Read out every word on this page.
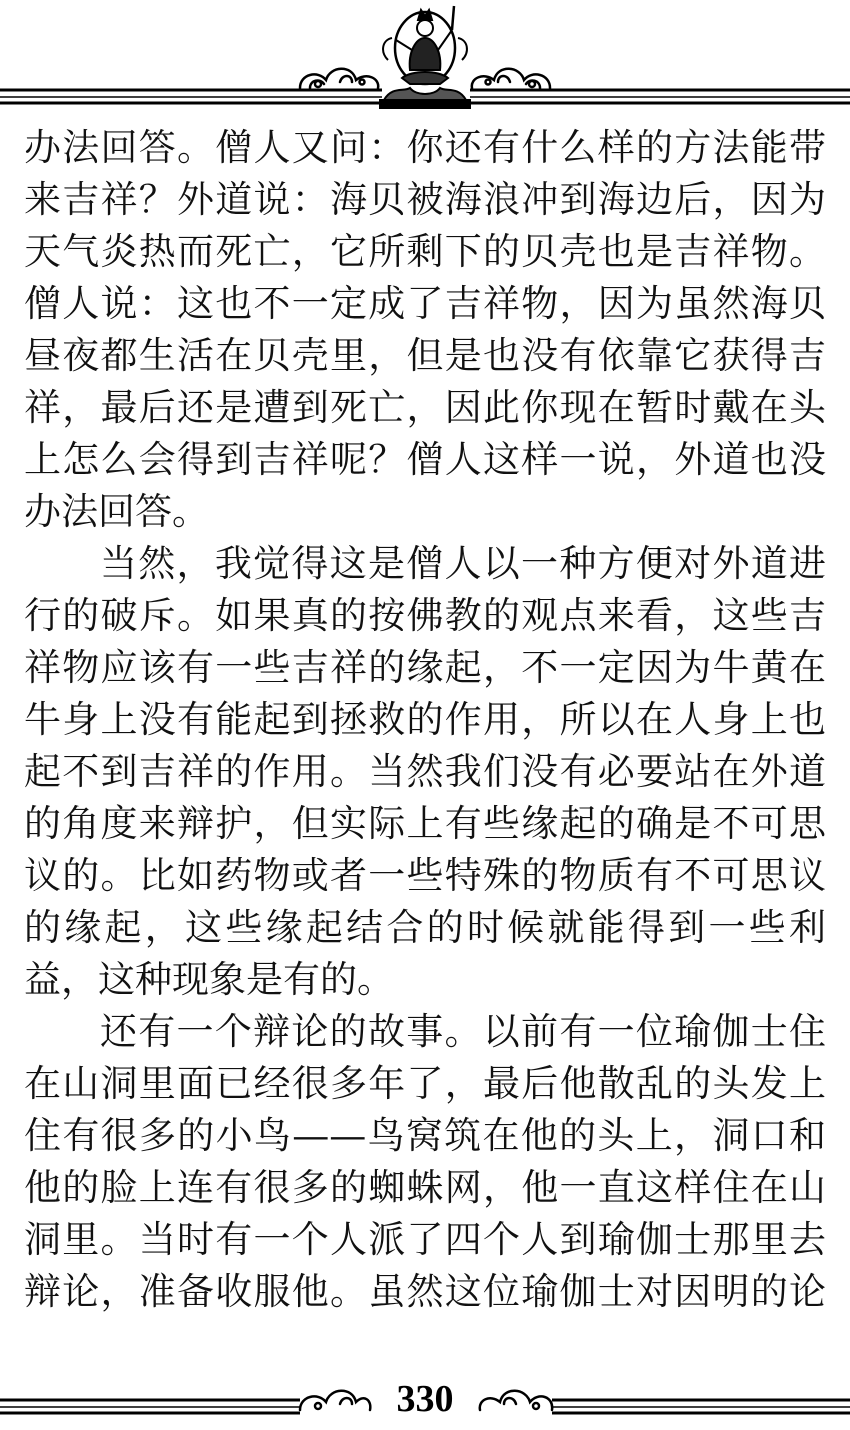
办法回答。僧人又问：你还有什么样的方法能带
来吉祥？外道说：海贝被海浪冲到海边后，因为
天气炎热而死亡，它所剩下的贝壳也是吉祥物。
僧人说：这也不一定成了吉祥物，因为虽然海贝
昼夜都生活在贝壳里，但是也没有依靠它获得吉
祥，最后还是遭到死亡，因此你现在暂时戴在头
上怎么会得到吉祥呢？僧人这样一说，外道也没
办法回答。
当然，我觉得这是僧人以一种方便对外道进
行的破斥。如果真的按佛教的观点来看，这些吉
祥物应该有一些吉祥的缘起，不一定因为牛黄在
牛身上没有能起到拯救的作用，所以在人身上也
起不到吉祥的作用。当然我们没有必要站在外道
的角度来辩护，但实际上有些缘起的确是不可思
议的。比如药物或者一些特殊的物质有不可思议
的缘起，这些缘起结合的时候就能得到一些利
益，这种现象是有的。
还有一个辩论的故事。以前有一位瑜伽士住
在山洞里面已经很多年了，最后他散乱的头发上
住有很多的小鸟——鸟窝筑在他的头上，洞口和
他的脸上连有很多的蜘蛛网，他一直这样住在山
洞里。当时有一个人派了四个人到瑜伽士那里去
辩论，准备收服他。虽然这位瑜伽士对因明的论
330
